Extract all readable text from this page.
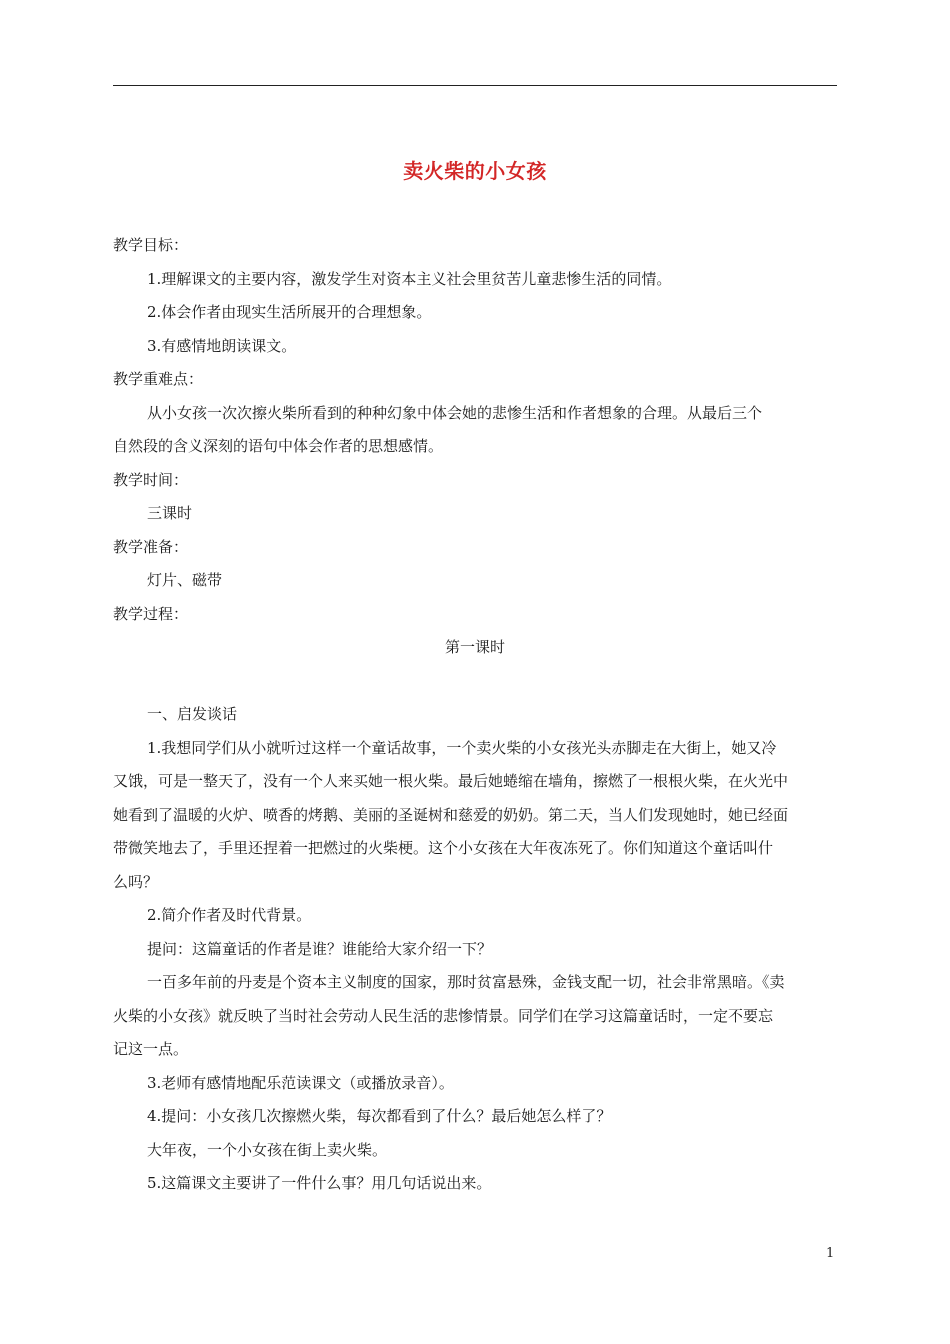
卖火柴的小女孩
教学目标：
1.理解课文的主要内容，激发学生对资本主义社会里贫苦儿童悲惨生活的同情。
2.体会作者由现实生活所展开的合理想象。
3.有感情地朗读课文。
教学重难点：
从小女孩一次次擦火柴所看到的种种幻象中体会她的悲惨生活和作者想象的合理。从最后三个
自然段的含义深刻的语句中体会作者的思想感情。
教学时间：
三课时
教学准备：
灯片、磁带
教学过程：
第一课时
一、启发谈话
1.我想同学们从小就听过这样一个童话故事，一个卖火柴的小女孩光头赤脚走在大街上，她又冷
又饿，可是一整天了，没有一个人来买她一根火柴。最后她蜷缩在墙角，擦燃了一根根火柴，在火光中
她看到了温暖的火炉、喷香的烤鹅、美丽的圣诞树和慈爱的奶奶。第二天，当人们发现她时，她已经面
带微笑地去了，手里还捏着一把燃过的火柴梗。这个小女孩在大年夜冻死了。你们知道这个童话叫什
么吗？
2.简介作者及时代背景。
提问：这篇童话的作者是谁？谁能给大家介绍一下？
一百多年前的丹麦是个资本主义制度的国家，那时贫富悬殊，金钱支配一切，社会非常黑暗。《卖
火柴的小女孩》就反映了当时社会劳动人民生活的悲惨情景。同学们在学习这篇童话时，一定不要忘
记这一点。
3.老师有感情地配乐范读课文（或播放录音）。
4.提问：小女孩几次擦燃火柴，每次都看到了什么？最后她怎么样了？
大年夜，一个小女孩在街上卖火柴。
5.这篇课文主要讲了一件什么事？用几句话说出来。
1
